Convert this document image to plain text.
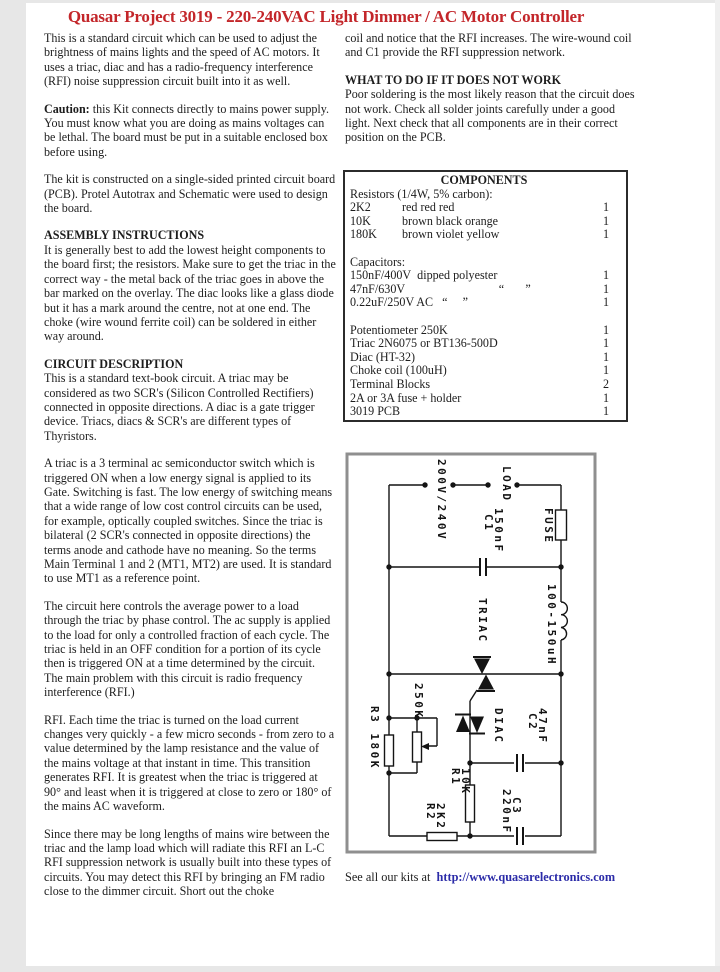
Quasar Project 3019 - 220-240VAC Light Dimmer / AC Motor Controller

This is a standard circuit which can be used to adjust the brightness of mains lights and the speed of AC motors. It uses a triac, diac and has a radio-frequency interference (RFI) noise suppression circuit built into it as well.

Caution: this Kit connects directly to mains power supply. You must know what you are doing as mains voltages can be lethal. The board must be put in a suitable enclosed box before using.

The kit is constructed on a single-sided printed circuit board (PCB). Protel Autotrax and Schematic were used to design the board.

ASSEMBLY INSTRUCTIONS

It is generally best to add the lowest height components to the board first; the resistors. Make sure to get the triac in the correct way - the metal back of the triac goes in above the bar marked on the overlay. The diac looks like a glass diode but it has a mark around the centre, not at one end. The choke (wire wound ferrite coil) can be soldered in either way around.

CIRCUIT DESCRIPTION

This is a standard text-book circuit. A triac may be considered as two SCR's (Silicon Controlled Rectifiers) connected in opposite directions. A diac is a gate trigger device. Triacs, diacs & SCR's are different types of Thyristors.

A triac is a 3 terminal ac semiconductor switch which is triggered ON when a low energy signal is applied to its Gate. Switching is fast. The low energy of switching means that a wide range of low cost control circuits can be used, for example, optically coupled switches. Since the triac is bilateral (2 SCR's connected in opposite directions) the terms anode and cathode have no meaning. So the terms Main Terminal 1 and 2 (MT1, MT2) are used. It is standard to use MT1 as a reference point.

The circuit here controls the average power to a load through the triac by phase control. The ac supply is applied to the load for only a controlled fraction of each cycle. The triac is held in an OFF condition for a portion of its cycle then is triggered ON at a time determined by the circuit. The main problem with this circuit is radio frequency interference (RFI.)

RFI. Each time the triac is turned on the load current changes very quickly - a few micro seconds - from zero to a value determined by the lamp resistance and the value of the mains voltage at that instant in time. This transition generates RFI. It is greatest when the triac is triggered at 90° and least when it is triggered at close to zero or 180° of the mains AC waveform.

Since there may be long lengths of mains wire between the triac and the lamp load which will radiate this RFI an L-C RFI suppression network is usually built into these types of circuits. You may detect this RFI by bringing an FM radio close to the dimmer circuit. Short out the choke

coil and notice that the RFI increases. The wire-wound coil and C1 provide the RFI suppression network.

WHAT TO DO IF IT DOES NOT WORK

Poor soldering is the most likely reason that the circuit does not work. Check all solder joints carefully under a good light. Next check that all components are in their correct position on the PCB.

COMPONENTS
Resistors (1/4W, 5% carbon):
2K2	red red red	1
10K	brown black orange	1
180K brown violet yellow	1
Capacitors:
150nF/400V dipped polyester	1
47nF/630V                             “       ”	1
0.22uF/250V AC “     ”	1
Potentiometer 250K	1
Triac 2N6075 or BT136-500D	1
Diac (HT-32)	1
Choke coil (100uH)	1
Terminal Blocks	2
2A or 3A fuse + holder	1
3019 PCB	1
200V/240V	LOAD
FUSE
C1
150nF
100-150uH
TRIAC
DIAC C2
47nF
250K
R3 180K
R1
10K
R2
2K2	C3
220nF
See all our kits at http://www.quasarelectronics.com
